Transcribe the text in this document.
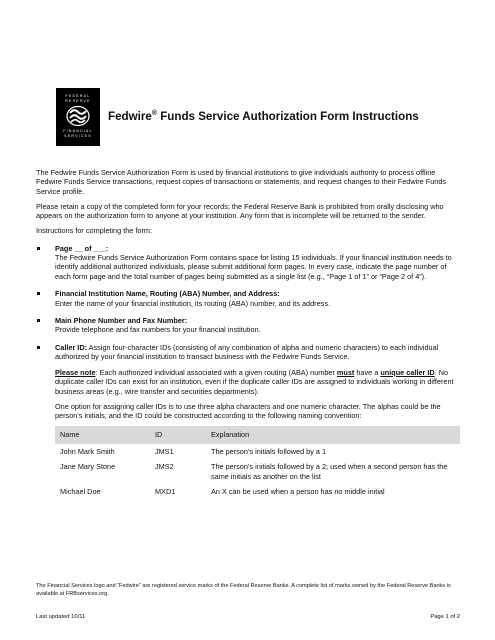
FEDERAL
RESERVE
FINANCIAL
SERVICES
Fedwire® Funds Service Authorization Form Instructions

The Fedwire Funds Service Authorization Form is used by financial institutions to give individuals authority to process offline Fedwire Funds Service transactions, request copies of transactions or statements, and request changes to their Fedwire Funds Service profile.

Please retain a copy of the completed form for your records; the Federal Reserve Bank is prohibited from orally disclosing who appears on the authorization form to anyone at your institution. Any form that is incomplete will be returned to the sender.

Instructions for completing the form:

Page __ of ___:
The Fedwire Funds Service Authorization Form contains space for listing 15 individuals. If your financial institution needs to identify additional authorized individuals, please submit additional form pages. In every case, indicate the page number of each form page and the total number of pages being submitted as a single list (e.g., “Page 1 of 1” or “Page 2 of 4”).
Financial Institution Name, Routing (ABA) Number, and Address:
Enter the name of your financial institution, its routing (ABA) number, and its address.
Main Phone Number and Fax Number:
Provide telephone and fax numbers for your financial institution.
Caller ID: Assign four-character IDs (consisting of any combination of alpha and numeric characters) to each individual authorized by your financial institution to transact business with the Fedwire Funds Service.
Please note: Each authorized individual associated with a given routing (ABA) number must have a unique caller ID. No duplicate caller IDs can exist for an institution, even if the duplicate caller IDs are assigned to individuals working in different business areas (e.g., wire transfer and securities departments).
One option for assigning caller IDs is to use three alpha characters and one numeric character. The alphas could be the person’s initials, and the ID could be constructed according to the following naming convention:
Name	ID	Explanation
John Mark Smith	JMS1	The person’s initials followed by a 1
Jane Mary Stone	JMS2	The person’s initials followed by a 2; used when a second person has the same initials as another on the list
Michael Doe	MXD1	An X can be used when a person has no middle initial
The Financial Services logo and “Fedwire” are registered service marks of the Federal Reserve Banks. A complete list of marks owned by the Federal Reserve Banks is available at FRBservices.org.
Last updated 10/11	Page 1 of 2
